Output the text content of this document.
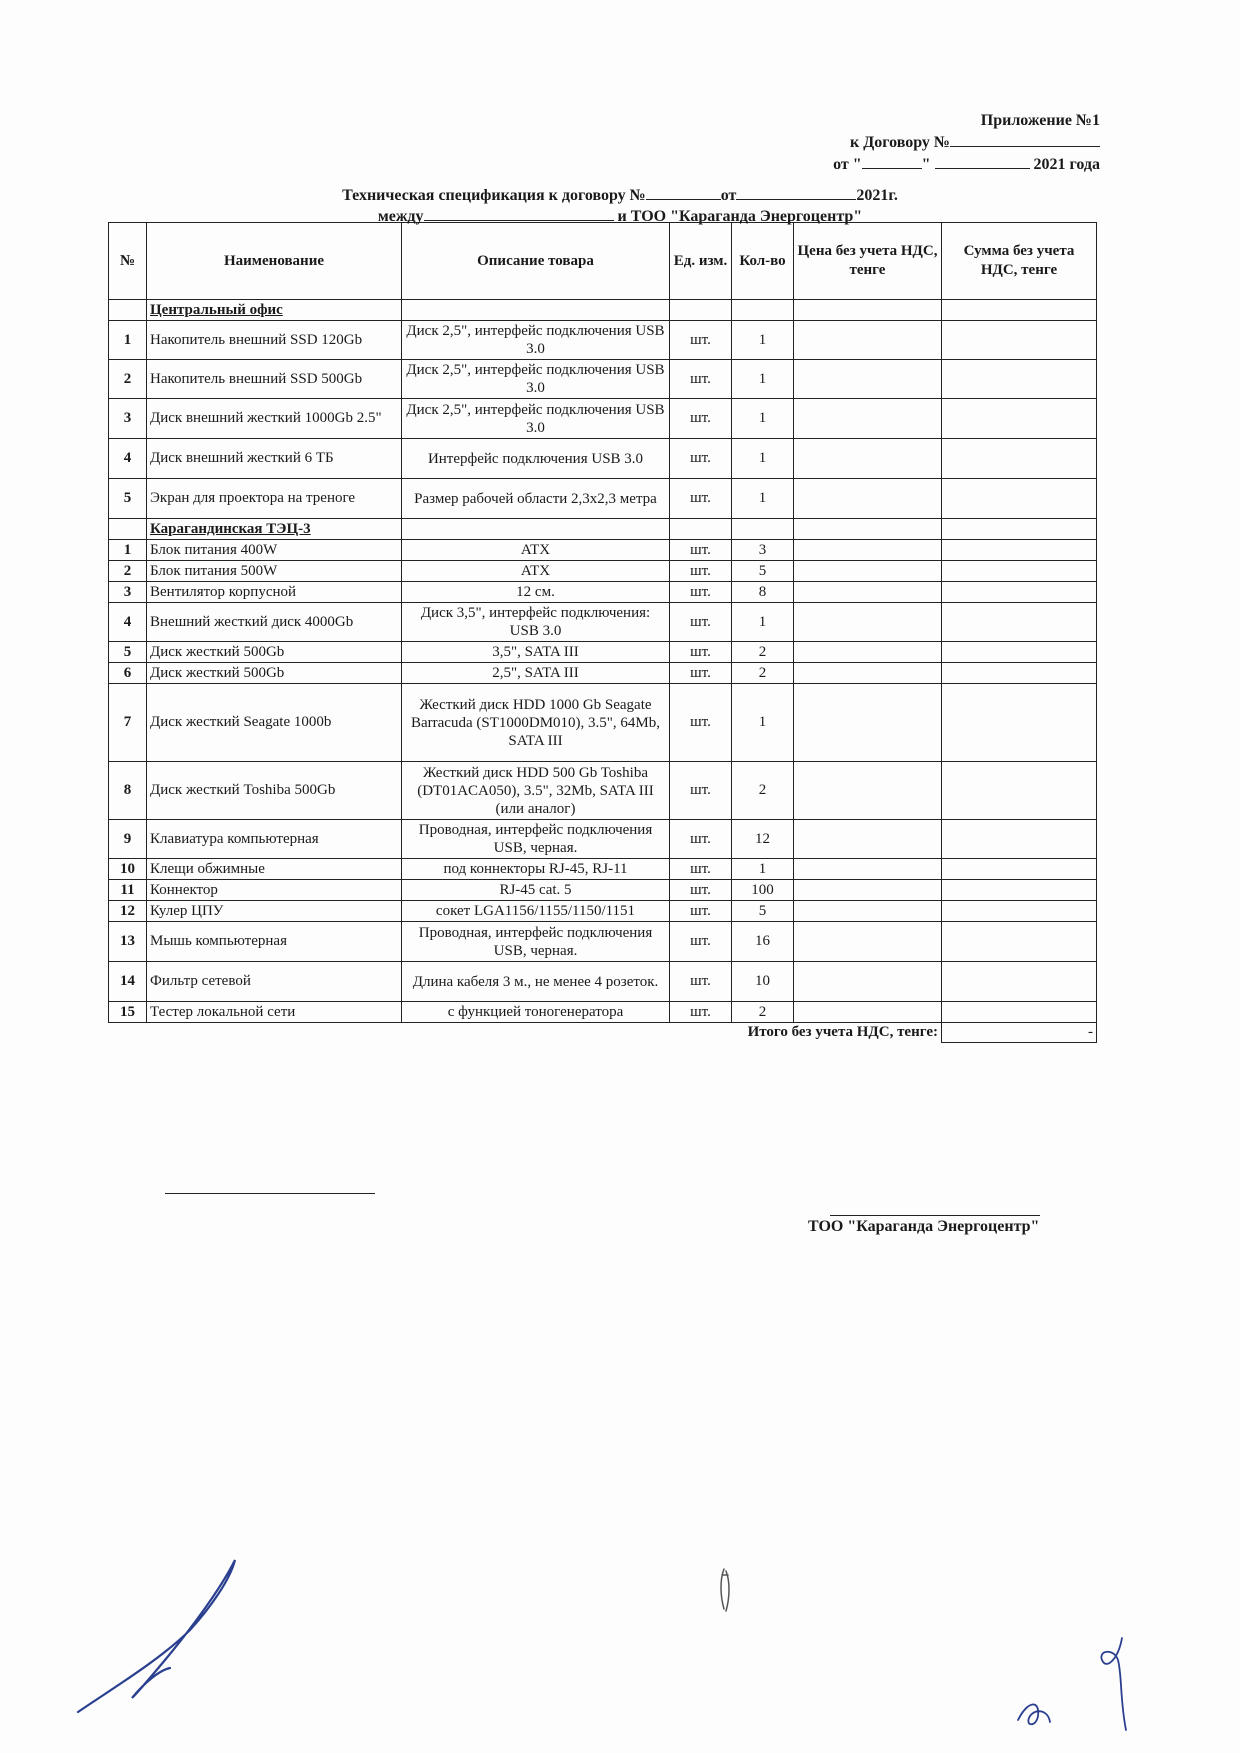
Приложение №1
к Договору №
от "	"	2021 года
Техническая спецификация к договору №	от	2021г.
между	и ТОО "Караганда Энергоцентр"
№	Наименование	Описание товара	Ед. изм.	Кол-во	Цена без учета НДС, тенге	Сумма без учета НДС, тенге
	Центральный офис					
1	Накопитель внешний SSD 120Gb	Диск 2,5", интерфейс подключения USB 3.0	шт.	1		
2	Накопитель внешний SSD 500Gb	Диск 2,5", интерфейс подключения USB 3.0	шт.	1		
3	Диск внешний жесткий 1000Gb 2.5"	Диск 2,5", интерфейс подключения USB 3.0	шт.	1		
4	Диск внешний жесткий 6 ТБ	Интерфейс подключения USB 3.0	шт.	1		
5	Экран для проектора на треноге	Размер рабочей области 2,3х2,3 метра	шт.	1		
	Карагандинская ТЭЦ-3					
1	Блок питания 400W	ATX	шт.	3		
2	Блок питания 500W	ATX	шт.	5		
3	Вентилятор корпусной	12 см.	шт.	8		
4	Внешний жесткий диск 4000Gb	Диск 3,5", интерфейс подключения: USB 3.0	шт.	1		
5	Диск жесткий 500Gb	3,5", SATA III	шт.	2		
6	Диск жесткий 500Gb	2,5", SATA III	шт.	2		
7	Диск жесткий Seagate 1000b	Жесткий диск HDD 1000 Gb Seagate Barracuda (ST1000DM010), 3.5", 64Mb, SATA III	шт.	1		
8	Диск жесткий Toshiba 500Gb	Жесткий диск HDD 500 Gb Toshiba (DT01ACA050), 3.5", 32Mb, SATA III (или аналог)	шт.	2		
9	Клавиатура компьютерная	Проводная, интерфейс подключения USB, черная.	шт.	12		
10	Клещи обжимные	под коннекторы RJ-45, RJ-11	шт.	1		
11	Коннектор	RJ-45 cat. 5	шт.	100		
12	Кулер ЦПУ	сокет LGA1156/1155/1150/1151	шт.	5		
13	Мышь компьютерная	Проводная, интерфейс подключения USB, черная.	шт.	16		
14	Фильтр сетевой	Длина кабеля 3 м., не менее 4 розеток.	шт.	10		
15	Тестер локальной сети	с функцией тоногенератора	шт.	2		
Итого без учета НДС, тенге:						-
ТОО "Караганда Энергоцентр"
